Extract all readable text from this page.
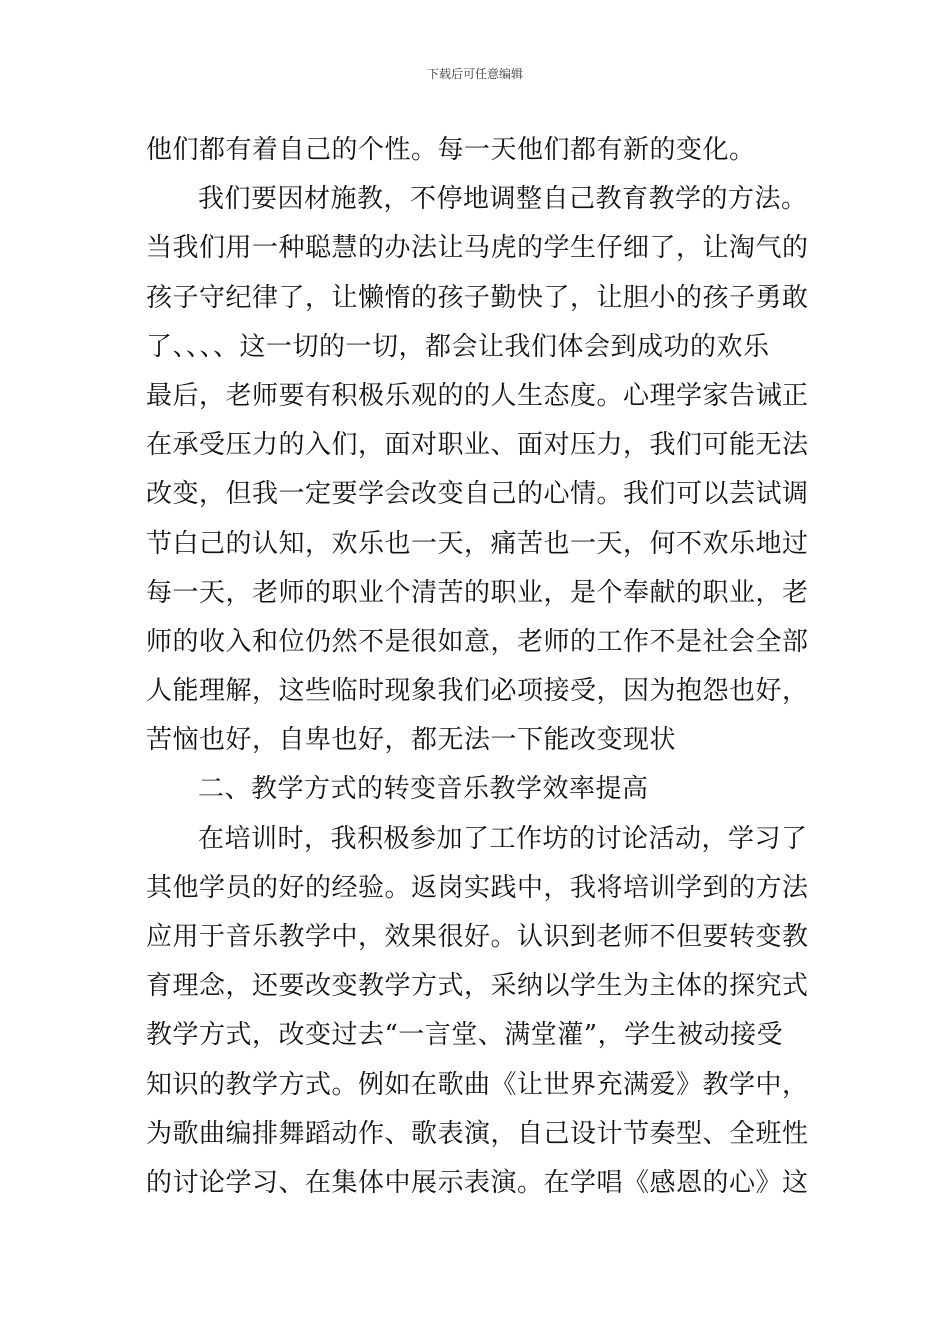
下载后可任意编辑
他们都有着自己的个性。每一天他们都有新的变化。
我们要因材施教，不停地调整自己教育教学的方法。
当我们用一种聪慧的办法让马虎的学生仔细了，让淘气的
孩子守纪律了，让懒惰的孩子勤快了，让胆小的孩子勇敢
了、、、、这一切的一切，都会让我们体会到成功的欢乐
最后，老师要有积极乐观的的人生态度。心理学家告诫正
在承受压力的入们，面对职业、面对压力，我们可能无法
改变，但我一定要学会改变自己的心情。我们可以芸试调
节白己的认知，欢乐也一天，痛苦也一天，何不欢乐地过
每一天，老师的职业个清苦的职业，是个奉献的职业，老
师的收入和位仍然不是很如意，老师的工作不是社会全部
人能理解，这些临时现象我们必项接受，因为抱怨也好，
苦恼也好，自卑也好，都无法一下能改变现状
二、教学方式的转变音乐教学效率提高
在培训时，我积极参加了工作坊的讨论活动，学习了
其他学员的好的经验。返岗实践中，我将培训学到的方法
应用于音乐教学中，效果很好。认识到老师不但要转变教
育理念，还要改变教学方式，采纳以学生为主体的探究式
教学方式，改变过去“一言堂、满堂灌”，学生被动接受
知识的教学方式。例如在歌曲《让世界充满爱》教学中，
为歌曲编排舞蹈动作、歌表演，自己设计节奏型、全班性
的讨论学习、在集体中展示表演。在学唱《感恩的心》这
